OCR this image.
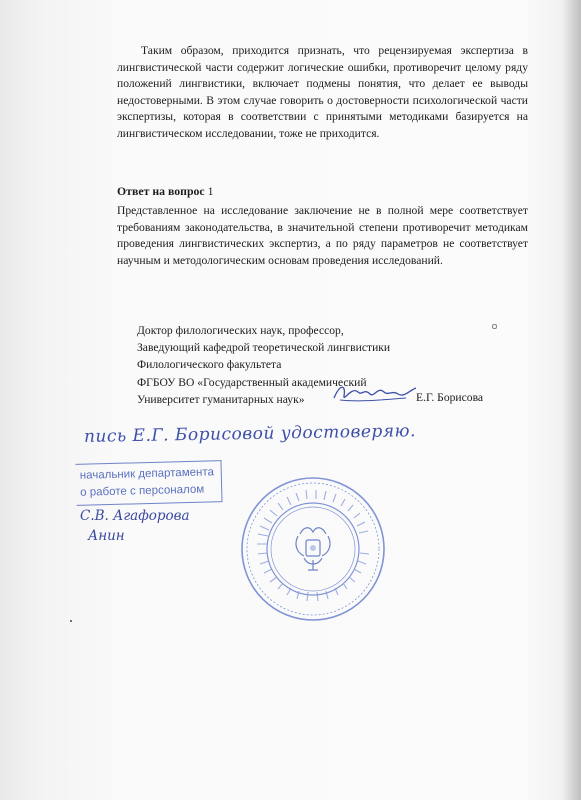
Таким образом, приходится признать, что рецензируемая экспертиза в лингвистической части содержит логические ошибки, противоречит целому ряду положений лингвистики, включает подмены понятия, что делает ее выводы недостоверными. В этом случае говорить о достоверности психологической части экспертизы, которая в соответствии с принятыми методиками базируется на лингвистическом исследовании, тоже не приходится.
Ответ на вопрос 1
Представленное на исследование заключение не в полной мере соответствует требованиям законодательства, в значительной степени противоречит методикам проведения лингвистических экспертиз, а по ряду параметров не соответствует научным и методологическим основам проведения исследований.
Доктор филологических наук, профессор,
Заведующий кафедрой теоретической лингвистики
Филологического факультета
ФГБОУ ВО «Государственный академический
Университет гуманитарных наук»	Е.Г. Борисова
пись Е.Г. Борисовой удостоверяю.
начальник департамента
о работе с персоналом
С.В. Агафорова
Анин
